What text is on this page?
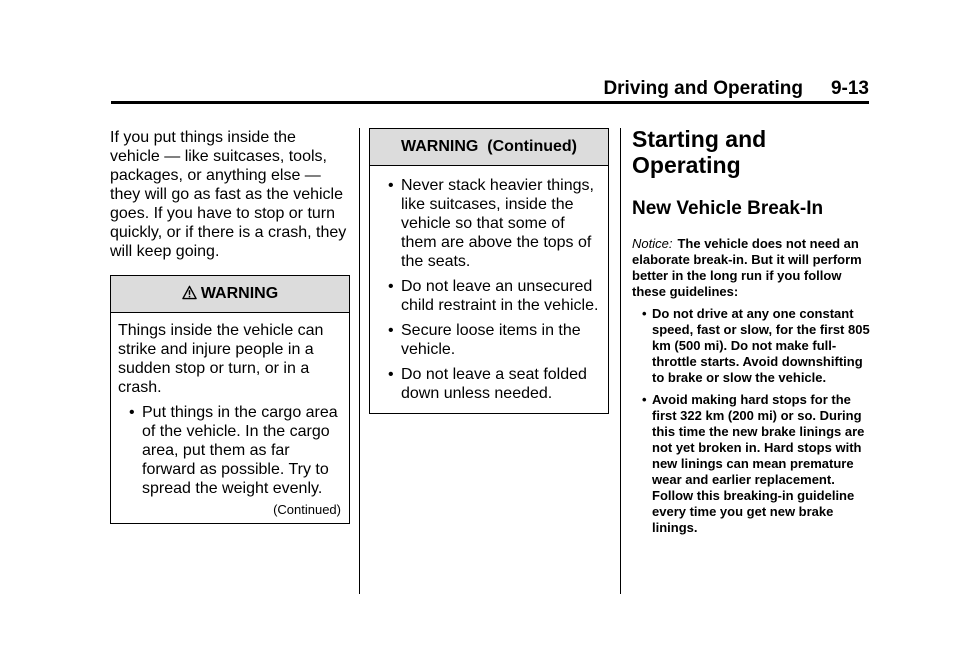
Driving and Operating 9-13

If you put things inside the vehicle — like suitcases, tools, packages, or anything else — they will go as fast as the vehicle goes. If you have to stop or turn quickly, or if there is a crash, they will keep going.

WARNING

Things inside the vehicle can strike and injure people in a sudden stop or turn, or in a crash.

• Put things in the cargo area of the vehicle. In the cargo area, put them as far forward as possible. Try to spread the weight evenly.
(Continued)
WARNING  (Continued)
• Never stack heavier things, like suitcases, inside the vehicle so that some of them are above the tops of the seats.
• Do not leave an unsecured child restraint in the vehicle.
• Secure loose items in the vehicle.
• Do not leave a seat folded down unless needed.
Starting and Operating
New Vehicle Break-In

Notice: The vehicle does not need an elaborate break-in. But it will perform better in the long run if you follow these guidelines:

• Do not drive at any one constant speed, fast or slow, for the first 805 km (500 mi). Do not make full-throttle starts. Avoid downshifting to brake or slow the vehicle.
• Avoid making hard stops for the first 322 km (200 mi) or so. During this time the new brake linings are not yet broken in. Hard stops with new linings can mean premature wear and earlier replacement. Follow this breaking-in guideline every time you get new brake linings.
